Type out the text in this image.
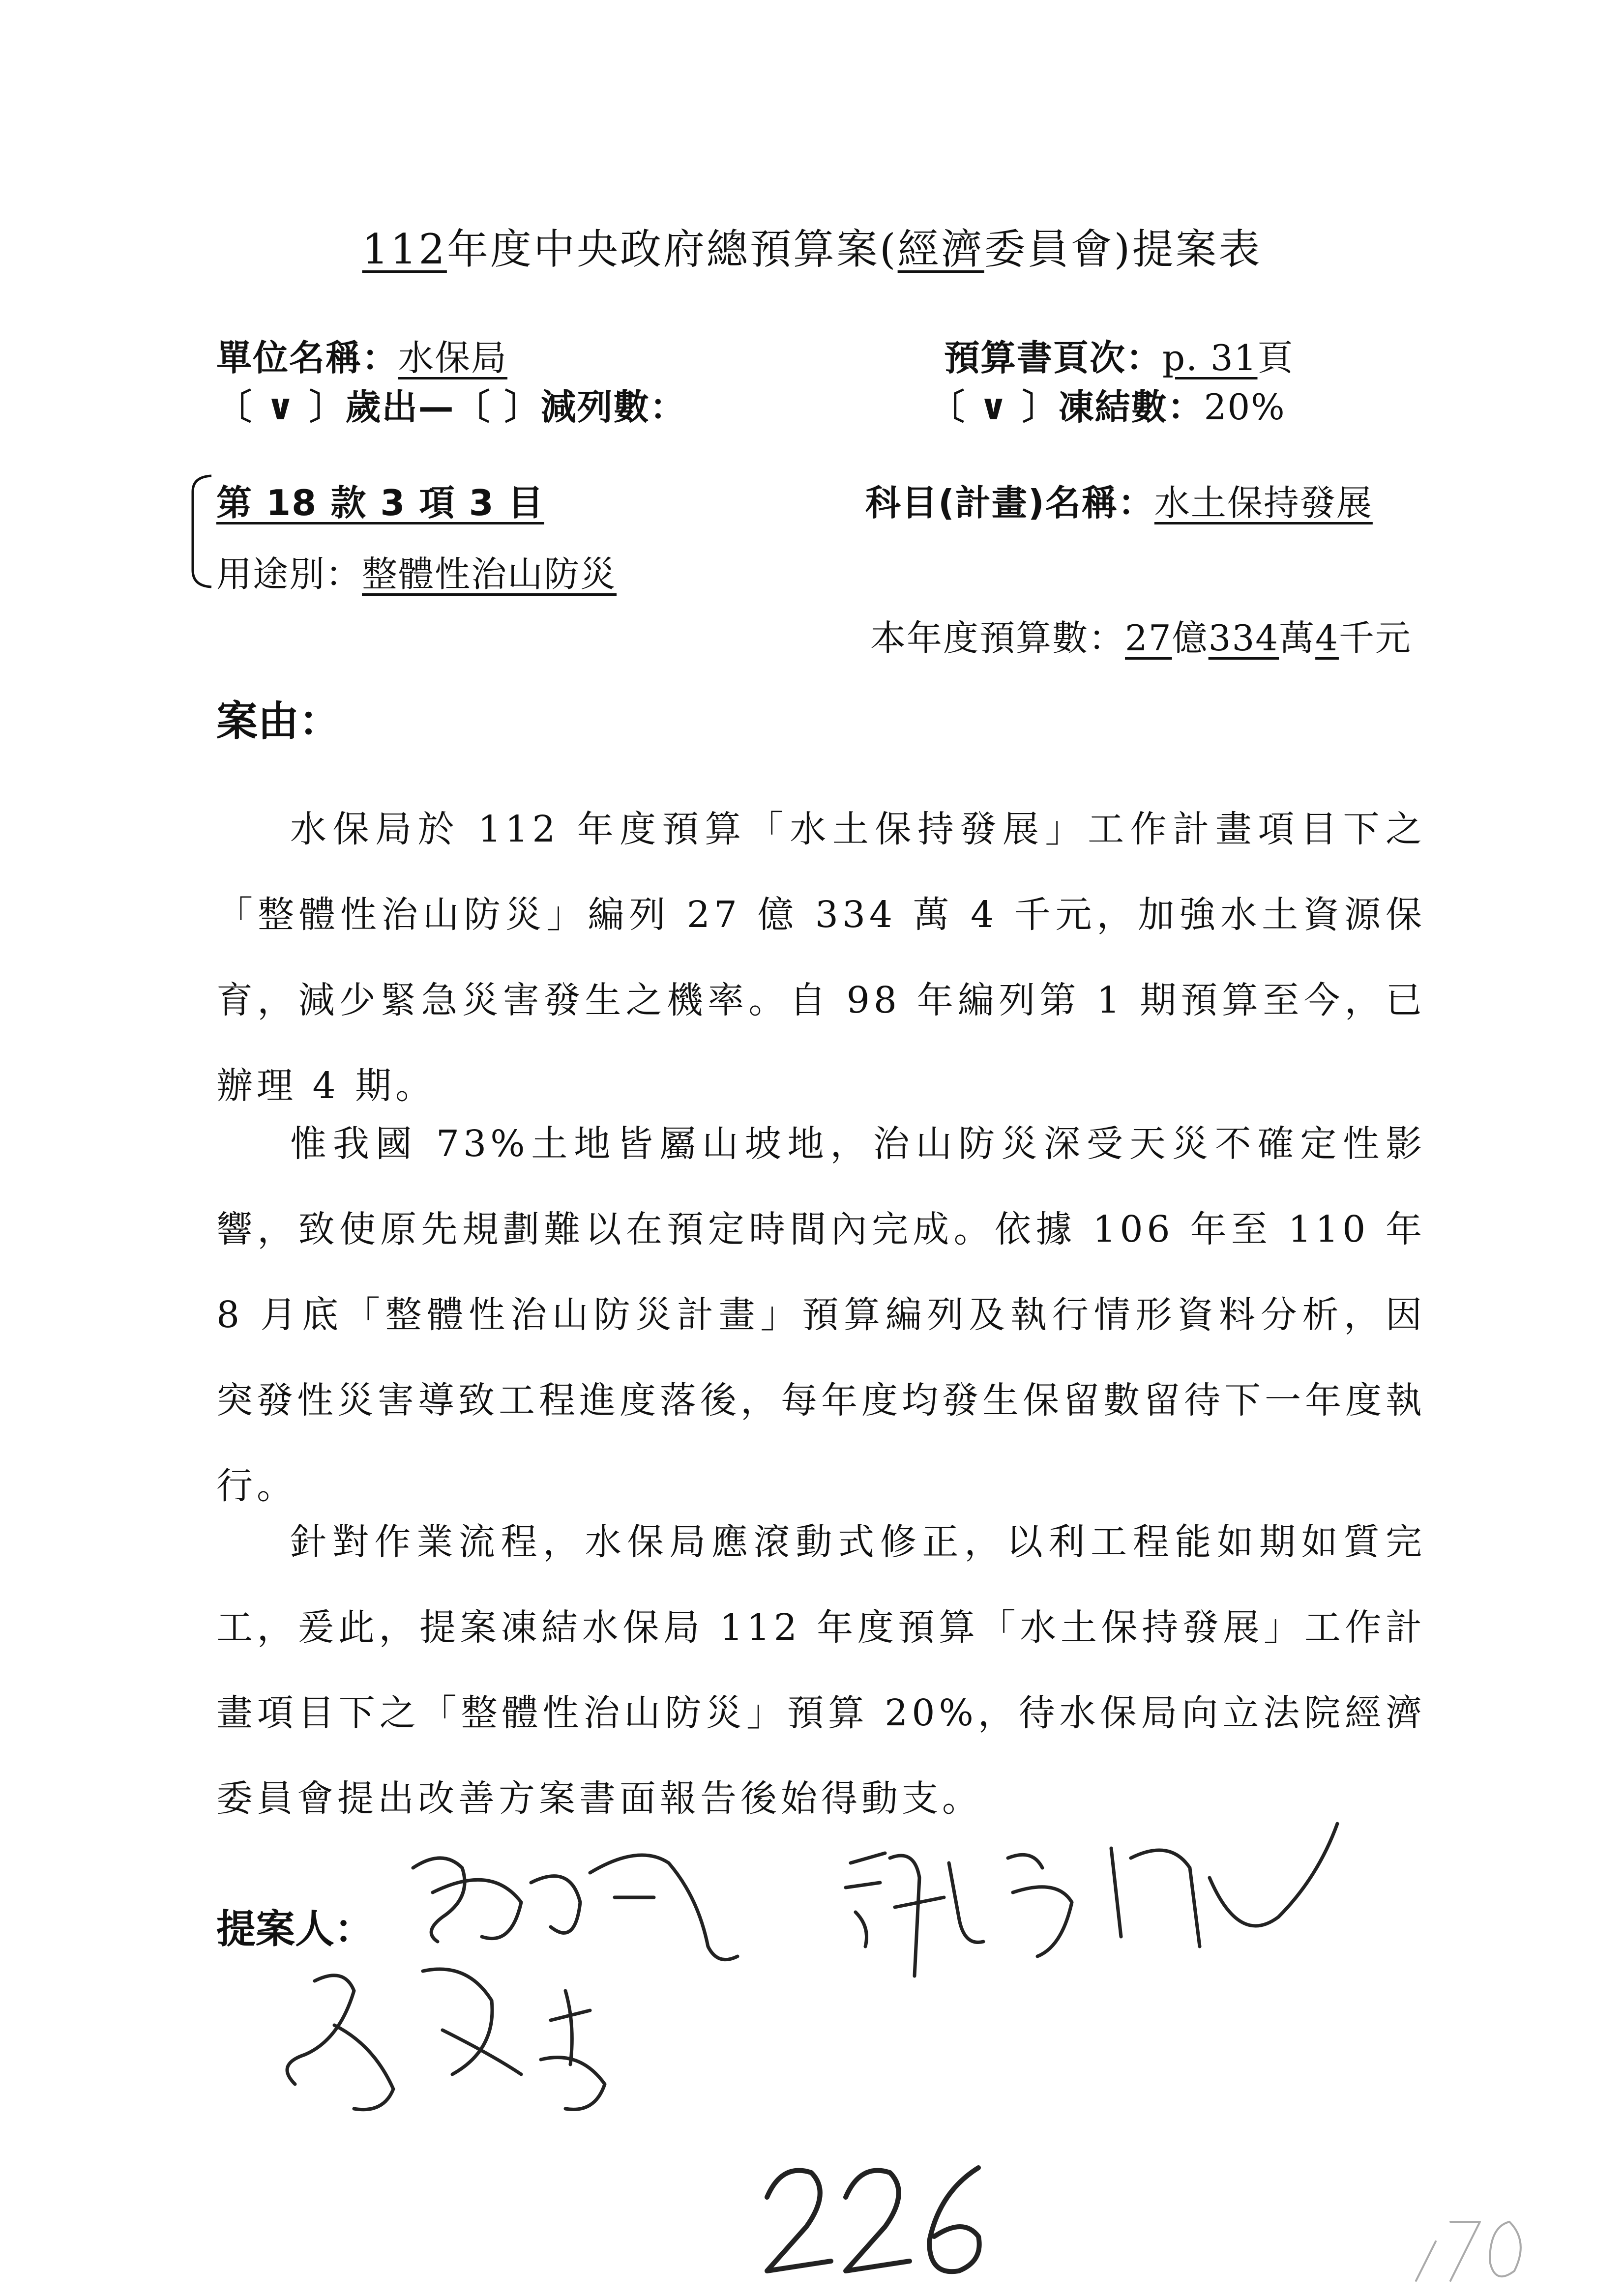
112年度中央政府總預算案(經濟委員會)提案表
單位名稱：水保局	預算書頁次：p. 31頁
〔 ∨ 〕歲出—〔 〕減列數：	〔 ∨ 〕凍結數：20%
第 18 款 3 項 3 目	科目(計畫)名稱：水土保持發展
用途別：整體性治山防災
本年度預算數：27億334萬4千元
案由：
水保局於 112 年度預算「水土保持發展」工作計畫項目下之「整體性治山防災」編列 27 億 334 萬 4 千元，加強水土資源保育，減少緊急災害發生之機率。自 98 年編列第 1 期預算至今，已辦理 4 期。
惟我國 73%土地皆屬山坡地，治山防災深受天災不確定性影響，致使原先規劃難以在預定時間內完成。依據 106 年至 110 年 8 月底「整體性治山防災計畫」預算編列及執行情形資料分析，因突發性災害導致工程進度落後，每年度均發生保留數留待下一年度執行。
針對作業流程，水保局應滾動式修正，以利工程能如期如質完工，爰此，提案凍結水保局 112 年度預算「水土保持發展」工作計畫項目下之「整體性治山防災」預算 20%，待水保局向立法院經濟委員會提出改善方案書面報告後始得動支。
提案人：
